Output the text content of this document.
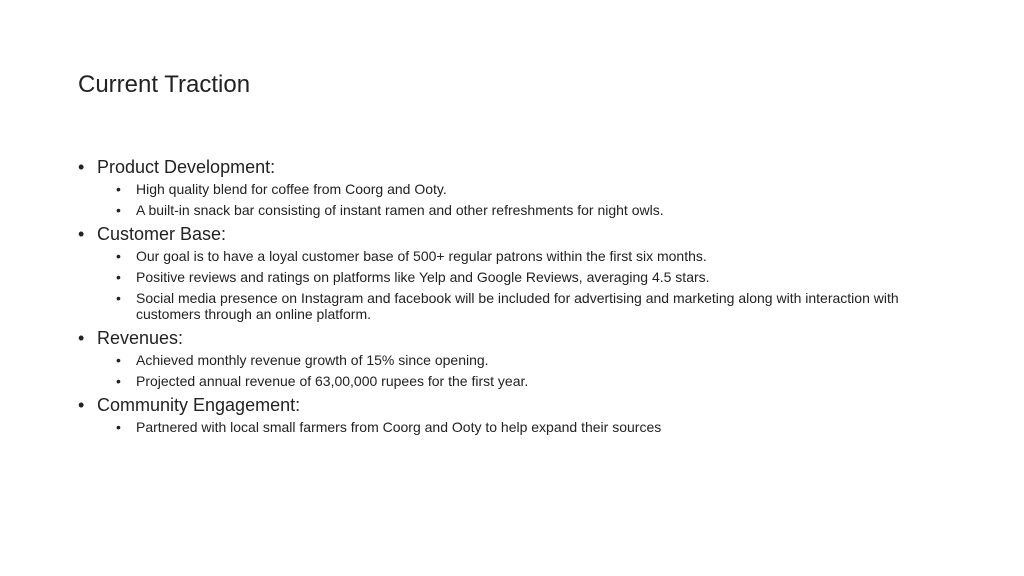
Current Traction
• Product Development:
• High quality blend for coffee from Coorg and Ooty.
• A built-in snack bar consisting of instant ramen and other refreshments for night owls.
• Customer Base:
• Our goal is to have a loyal customer base of 500+ regular patrons within the first six months.
• Positive reviews and ratings on platforms like Yelp and Google Reviews, averaging 4.5 stars.
• Social media presence on Instagram and facebook will be included for advertising and marketing along with interaction with customers through an online platform.
• Revenues:
• Achieved monthly revenue growth of 15% since opening.
• Projected annual revenue of 63,00,000 rupees for the first year.
• Community Engagement:
• Partnered with local small farmers from Coorg and Ooty to help expand their sources
